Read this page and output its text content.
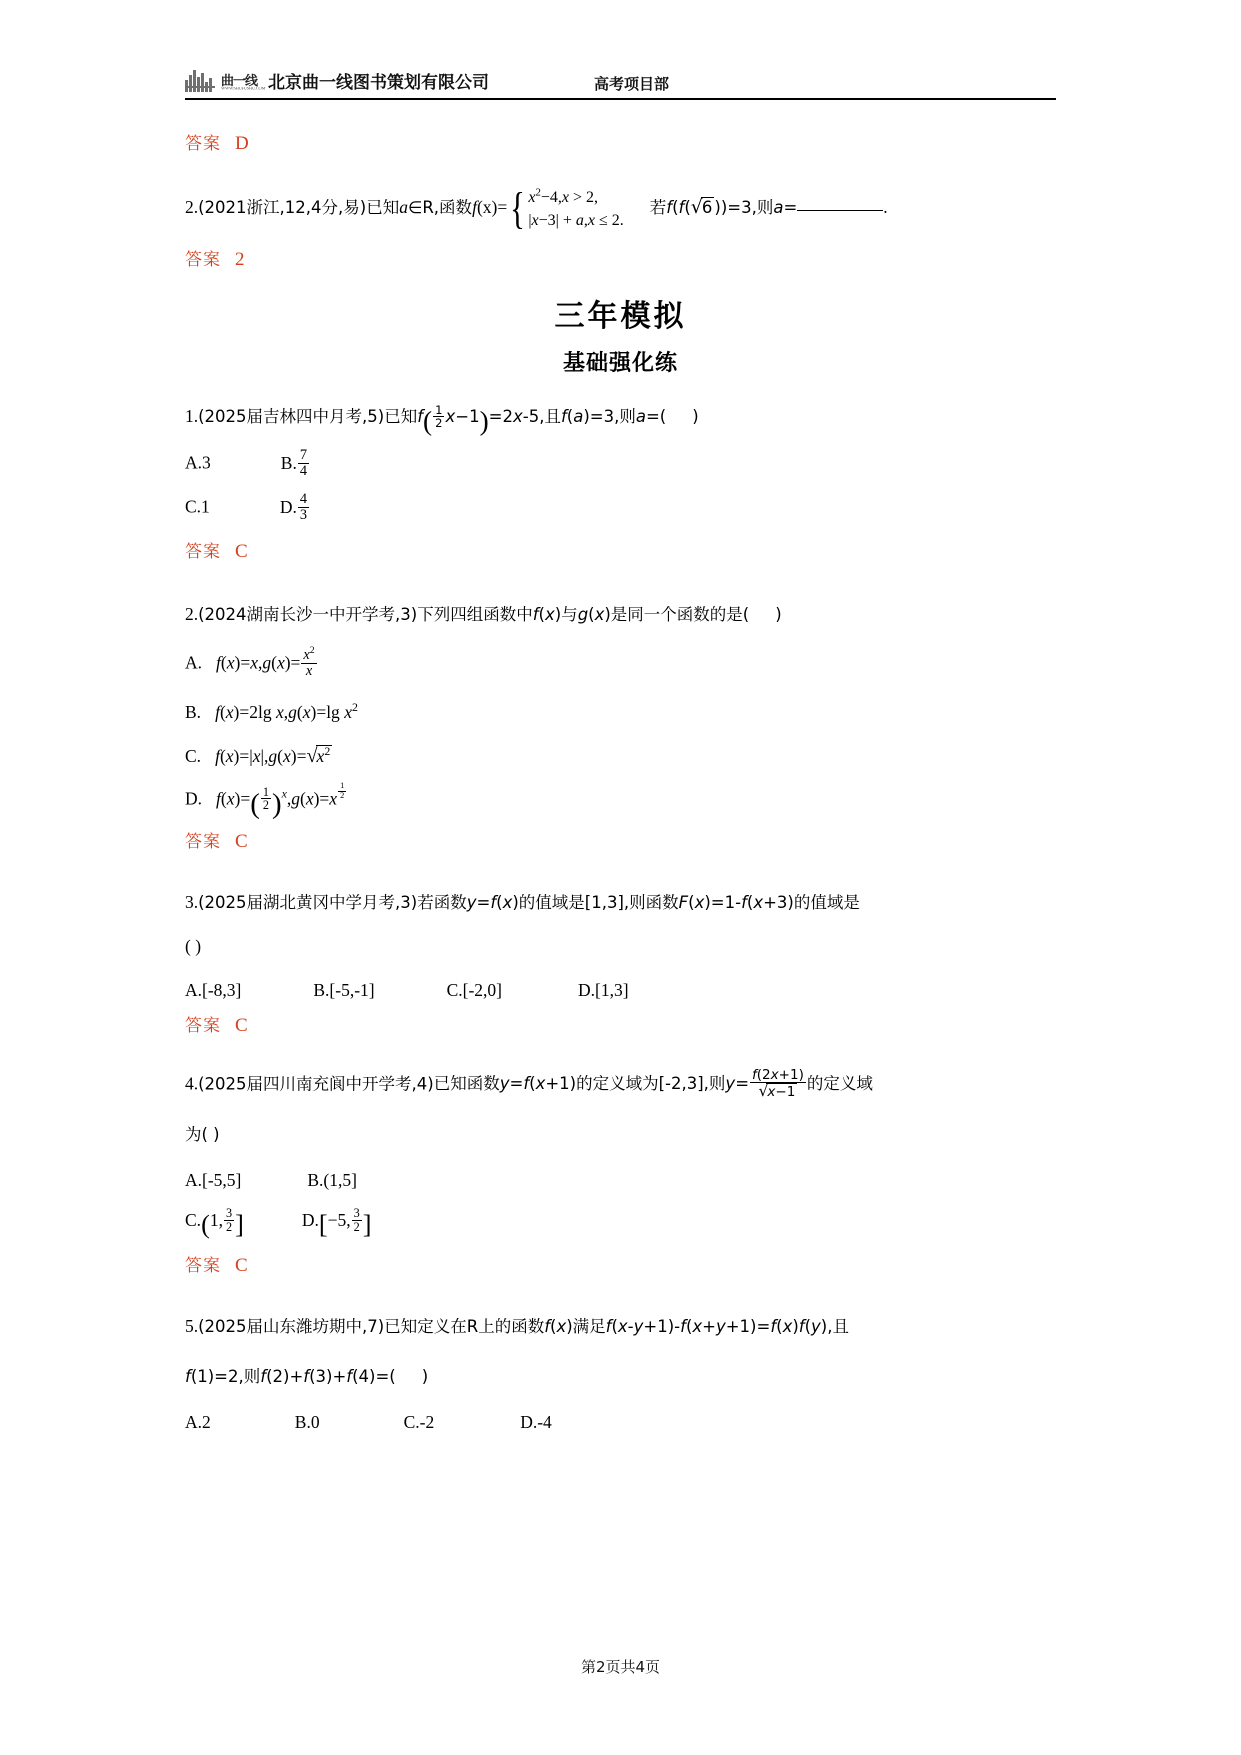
曲一线
WWW.SHUFUSHU.COM 北京曲一线图书策划有限公司	高考项目部

答案 D

2.(2021浙江,12,4分,易)已知a∈R,函数f(x)={ $x^2-4,x > 2$,
|x−3| + a,x ≤ 2.
若f(f(√6 ))=3,则a=	.

答案 2

三年模拟
基础强化练

1.(2025届吉林四中月考,5)已知$f( \frac{1}{2} x-1)=2x-5$,且f(a)=3,则a=( )

A.3	B. $\frac{7}{4}$

C.1	D. $\frac{4}{3}$

答案 C

2.(2024湖南长沙一中开学考,3)下列四组函数中f(x)与g(x)是同一个函数的是( )

A. $f(x)=x,g(x)= \frac{x^2}{x}$

B. f(x)=2lg x,g(x)=lg $x^2$

C. $f(x)=|x|,g(x)=√x^2$

D. $f(x)=( \frac{1}{2} )^x,g(x)=x$ $^{\frac{1}{2}}$

答案 C

3.(2025届湖北黄冈中学月考,3)若函数y=f(x)的值域是[1,3],则函数F(x)=1-f(x+3)的值域是

( )

A.[-8,3]	B.[-5,-1]	C.[-2,0]	D.[1,3]

答案 C

4.(2025届四川南充阆中开学考,4)已知函数y=f(x+1)的定义域为[-2,3],则$y= \frac{f(2x+1)}{√x-1}$ 的定义域

为( )

A.[-5,5]	B.(1,5]

C.(1, $\frac{3}{2}$ ]	D.[−5, $\frac{3}{2}$ ]

答案 C

5.(2025届山东潍坊期中,7)已知定义在R上的函数f(x)满足f(x-y+1)-f(x+y+1)=f(x)f(y),且

f(1)=2,则f(2)+f(3)+f(4)=( )

A.2	B.0	C.-2	D.-4

第2页共4页
